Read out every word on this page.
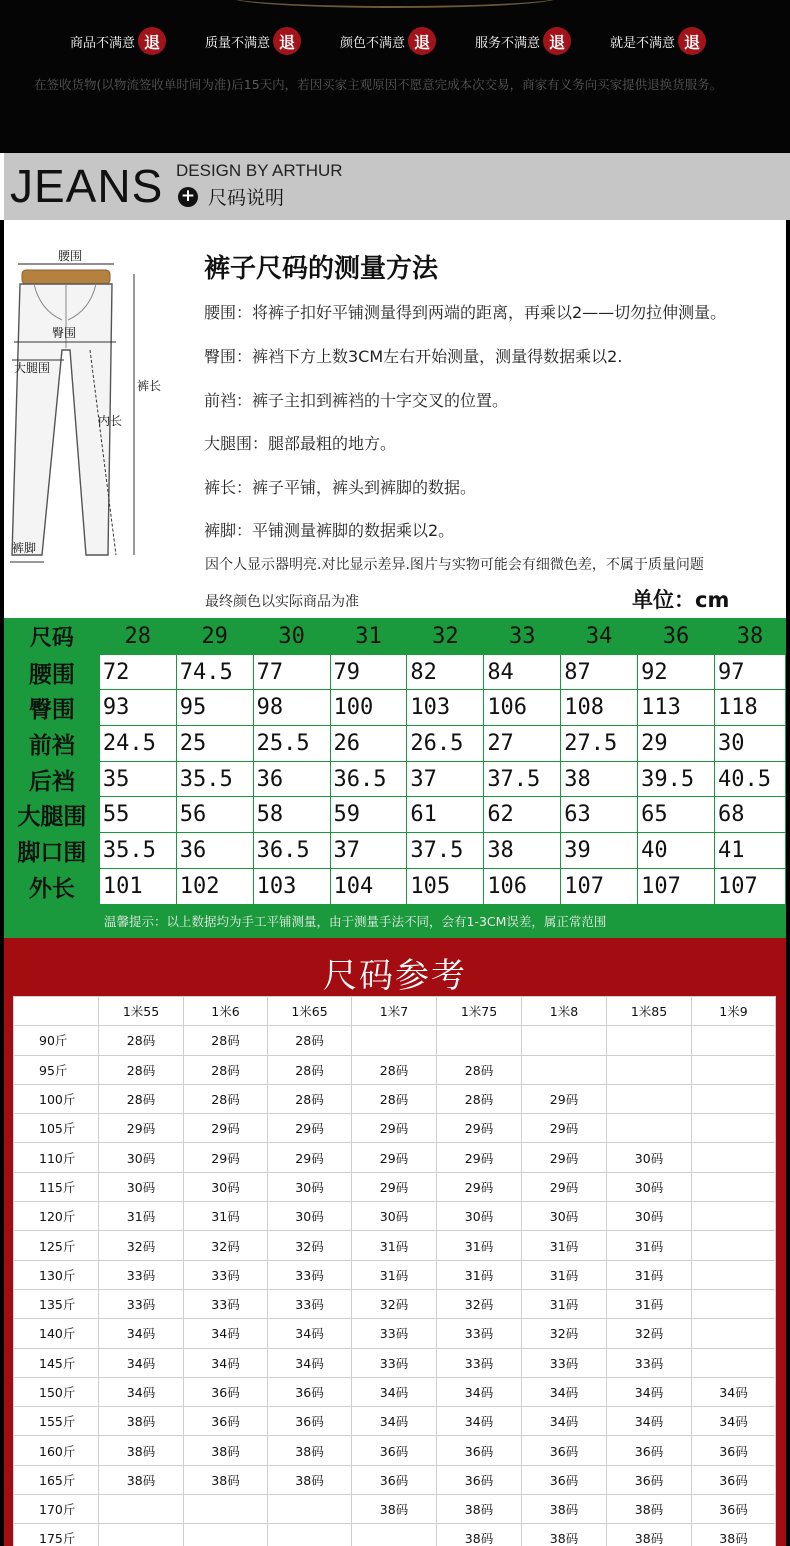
商品不满意 退	质量不满意 退	颜色不满意 退	服务不满意 退	就是不满意 退
在签收货物(以物流签收单时间为准)后15天内，若因买家主观原因不愿意完成本次交易，商家有义务向买家提供退换货服务。
JEANS DESIGN BY ARTHUR
+ 尺码说明
腰围
臀围
大腿围
裤长
内长
裤脚
裤子尺码的测量方法
腰围：将裤子扣好平铺测量得到两端的距离，再乘以2——切勿拉伸测量。
臀围：裤裆下方上数3CM左右开始测量，测量得数据乘以2.
前裆：裤子主扣到裤裆的十字交叉的位置。
大腿围：腿部最粗的地方。
裤长：裤子平铺，裤头到裤脚的数据。
裤脚：平铺测量裤脚的数据乘以2。
因个人显示器明亮.对比显示差异.图片与实物可能会有细微色差，不属于质量问题
最终颜色以实际商品为准	单位：cm
尺码	28	29	30	31	32	33	34	36	38
腰围	72	74.5	77	79	82	84	87	92	97
臀围	93	95	98	100	103	106	108	113	118
前裆	24.5	25	25.5	26	26.5	27	27.5	29	30
后裆	35	35.5	36	36.5	37	37.5	38	39.5	40.5
大腿围	55	56	58	59	61	62	63	65	68
脚口围	35.5	36	36.5	37	37.5	38	39	40	41
外长	101	102	103	104	105	106	107	107	107
温馨提示：以上数据均为手工平铺测量，由于测量手法不同，会有1-3CM误差，属正常范围
尺码参考
	1米55	1米6	1米65	1米7	1米75	1米8	1米85	1米9
90斤	28码	28码	28码					
95斤	28码	28码	28码	28码	28码			
100斤	28码	28码	28码	28码	28码	29码		
105斤	29码	29码	29码	29码	29码	29码		
110斤	30码	29码	29码	29码	29码	29码	30码	
115斤	30码	30码	30码	29码	29码	29码	30码	
120斤	31码	31码	30码	30码	30码	30码	30码	
125斤	32码	32码	32码	31码	31码	31码	31码	
130斤	33码	33码	33码	31码	31码	31码	31码	
135斤	33码	33码	33码	32码	32码	31码	31码	
140斤	34码	34码	34码	33码	33码	32码	32码	
145斤	34码	34码	34码	33码	33码	33码	33码	
150斤	34码	36码	36码	34码	34码	34码	34码	34码
155斤	38码	36码	36码	34码	34码	34码	34码	34码
160斤	38码	38码	38码	36码	36码	36码	36码	36码
165斤	38码	38码	38码	36码	36码	36码	36码	36码
170斤				38码	38码	38码	38码	36码
175斤					38码	38码	38码	38码
